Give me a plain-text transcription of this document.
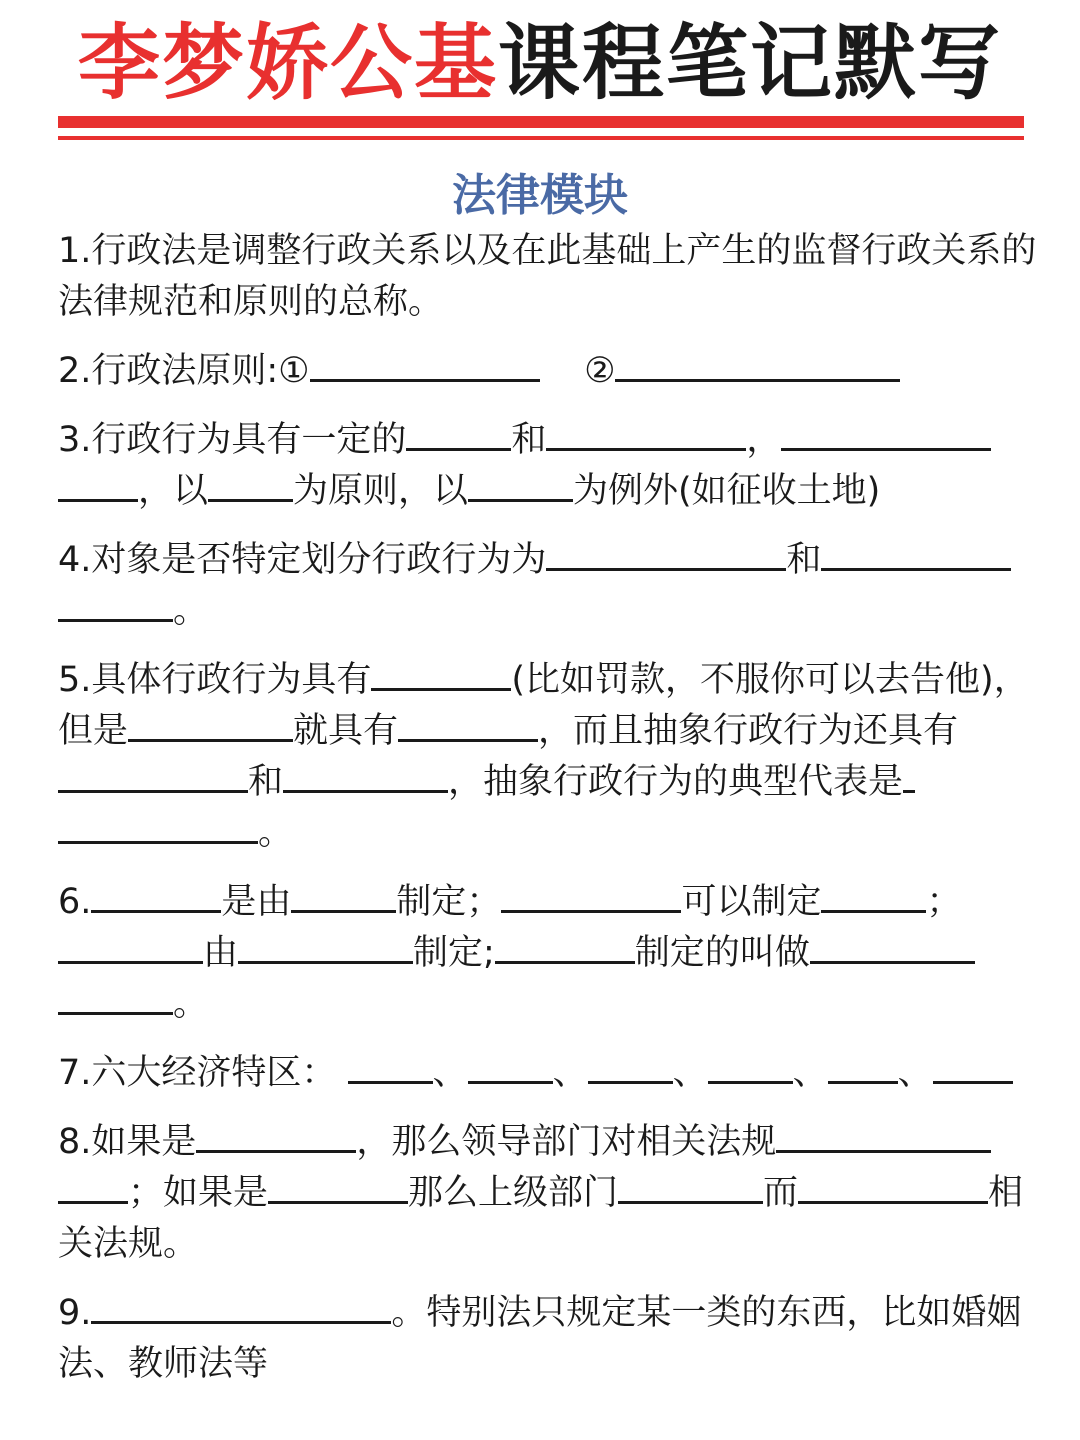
李梦娇公基课程笔记默写
法律模块
1.行政法是调整行政关系以及在此基础上产生的监督行政关系的法律规范和原则的总称。
2.行政法原则:①	②
3.行政行为具有一定的	和	，，以 为原则，以	为例外(如征收土地)
4.对象是否特定划分行政行为为	和。
5.具体行政行为具有	(比如罚款，不服你可以去告他)，但是	就具有	，而且抽象行政行为还具有和	，抽象行政行为的典型代表是。
6.	是由	制定；	可以制定	；由	制定;	制定的叫做。
7.六大经济特区：	、 、 、 、 、
8.如果是	，那么领导部门对相关法规；如果是	那么上级部门	而	相关法规。
9.	。特别法只规定某一类的东西，比如婚姻法、教师法等
